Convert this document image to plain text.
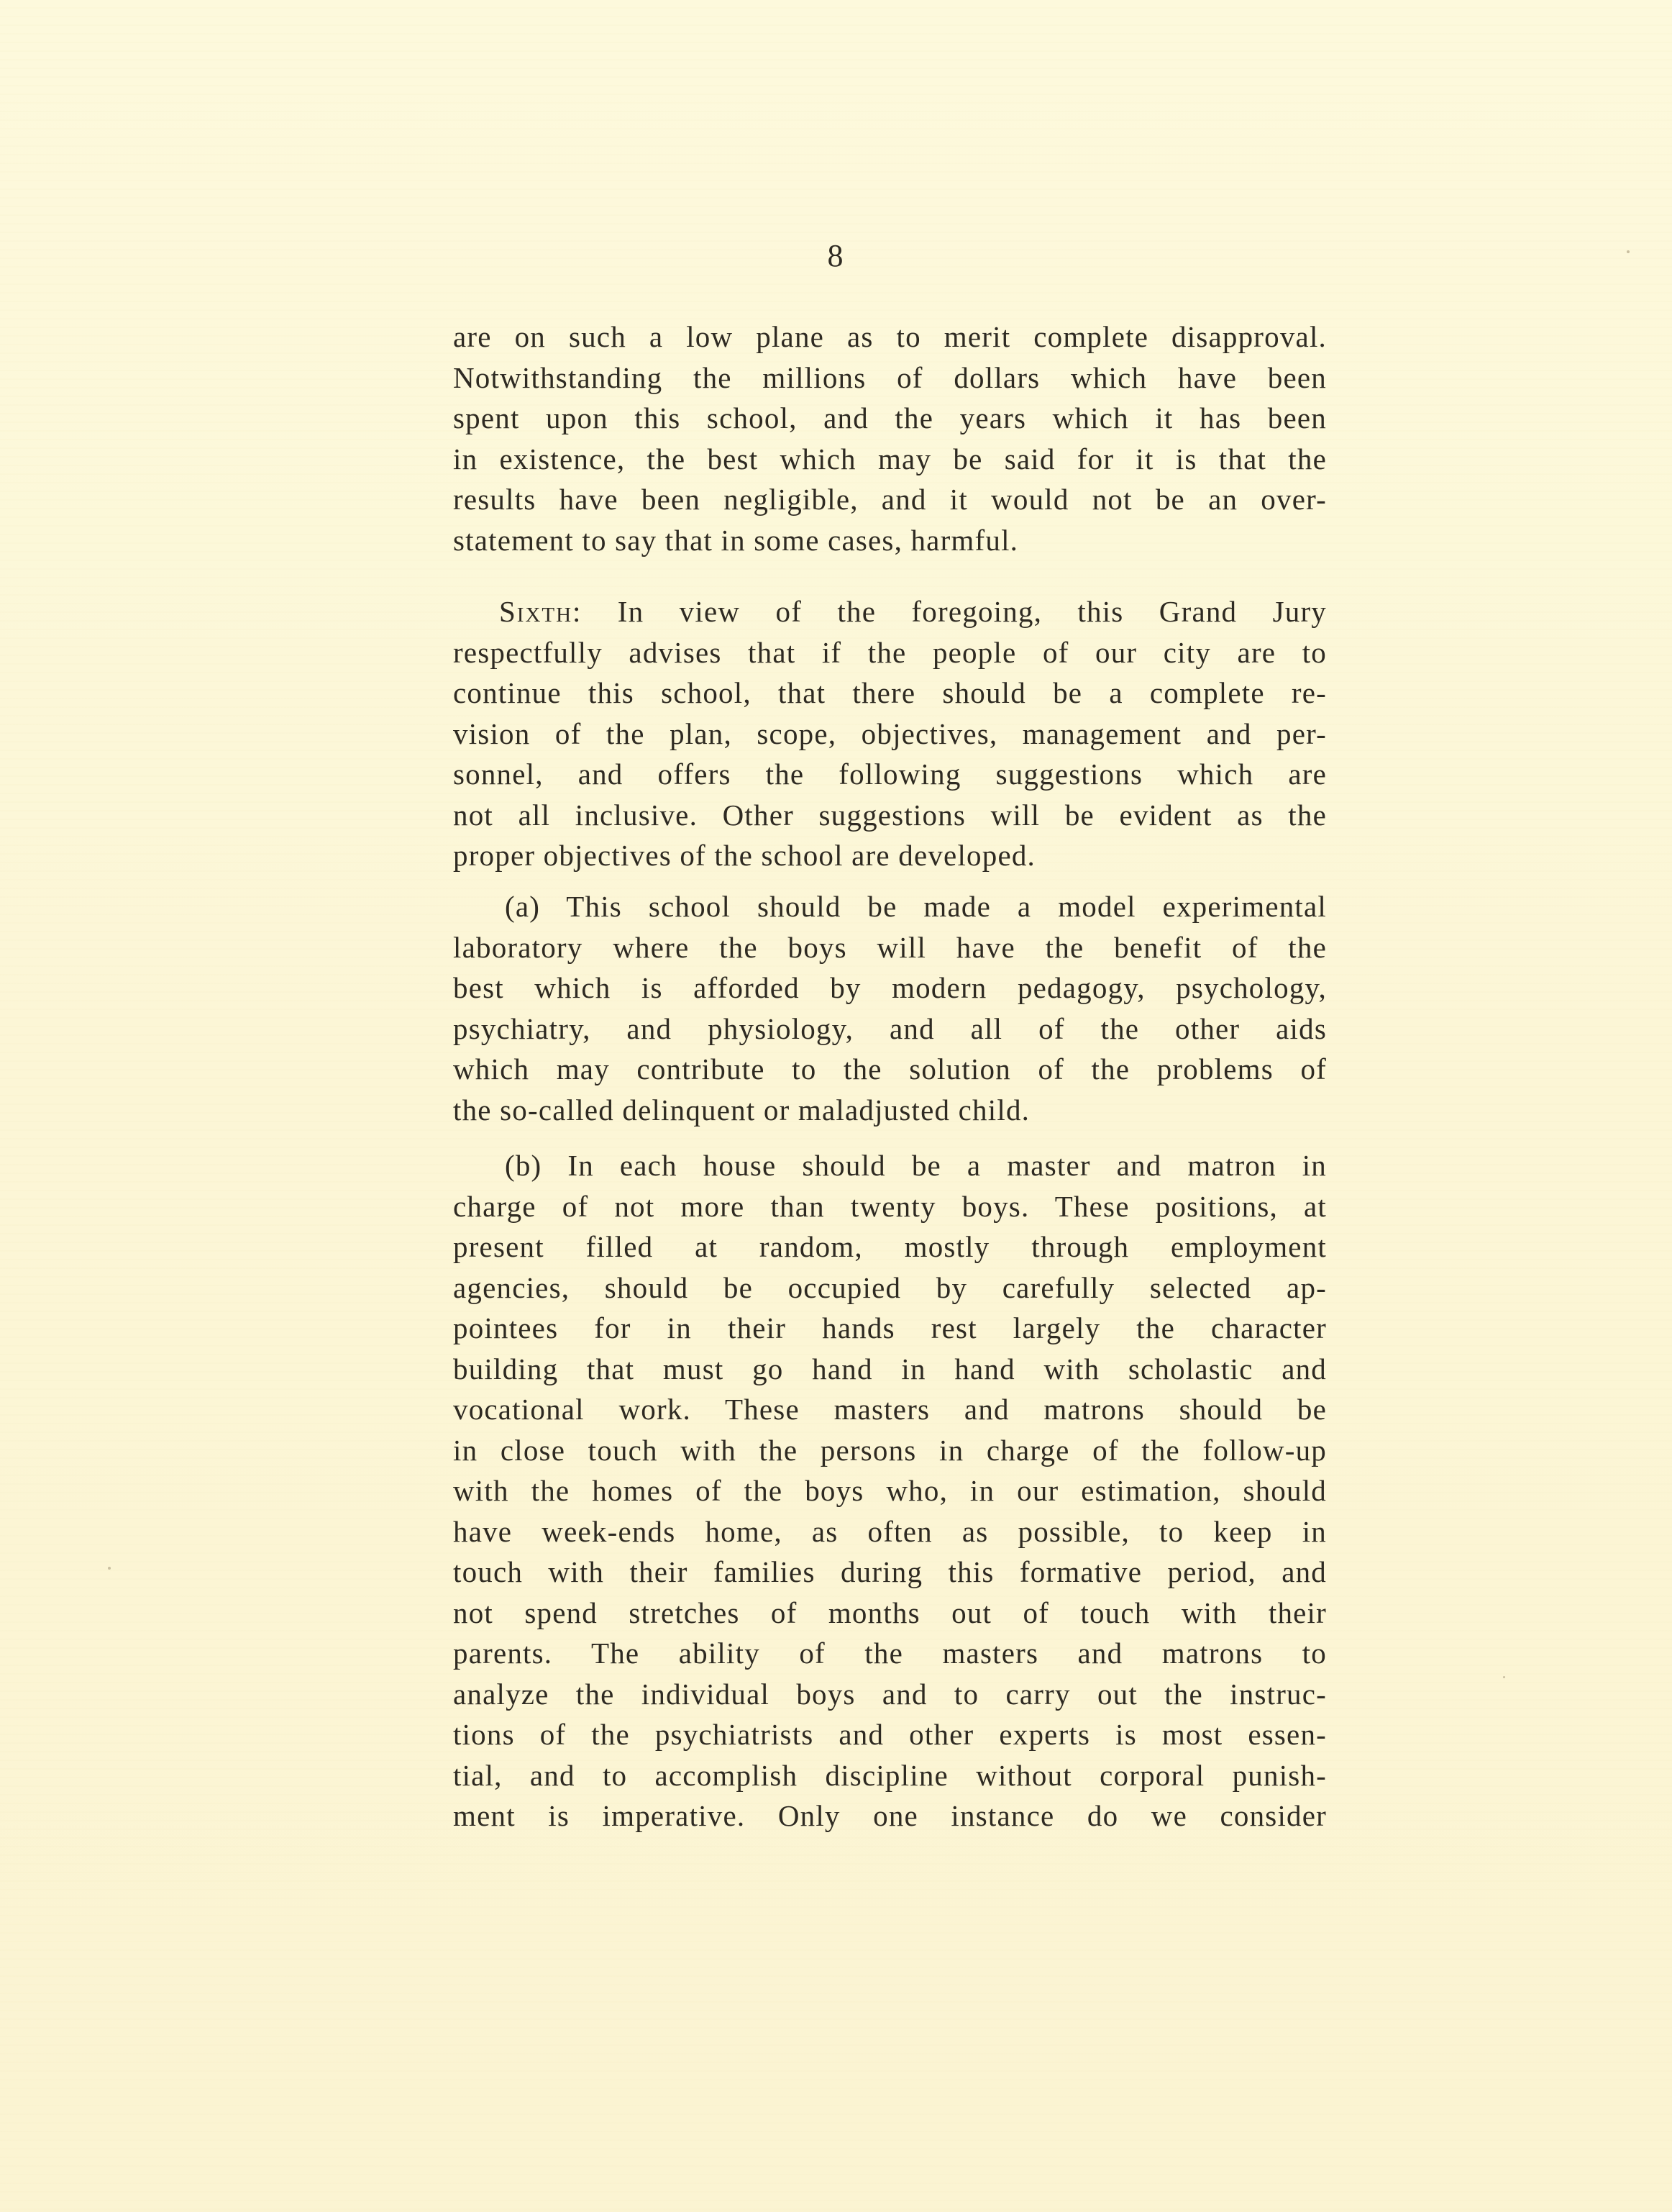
8
are on such a low plane as to merit complete disapproval.
Notwithstanding the millions of dollars which have been
spent upon this school, and the years which it has been
in existence, the best which may be said for it is that the
results have been negligible, and it would not be an over-
statement to say that in some cases, harmful.
Sixth: In view of the foregoing, this Grand Jury
respectfully advises that if the people of our city are to
continue this school, that there should be a complete re-
vision of the plan, scope, objectives, management and per-
sonnel, and offers the following suggestions which are
not all inclusive. Other suggestions will be evident as the
proper objectives of the school are developed.
(a) This school should be made a model experimental
laboratory where the boys will have the benefit of the
best which is afforded by modern pedagogy, psychology,
psychiatry, and physiology, and all of the other aids
which may contribute to the solution of the problems of
the so-called delinquent or maladjusted child.
(b) In each house should be a master and matron in
charge of not more than twenty boys. These positions, at
present filled at random, mostly through employment
agencies, should be occupied by carefully selected ap-
pointees for in their hands rest largely the character
building that must go hand in hand with scholastic and
vocational work. These masters and matrons should be
in close touch with the persons in charge of the follow-up
with the homes of the boys who, in our estimation, should
have week-ends home, as often as possible, to keep in
touch with their families during this formative period, and
not spend stretches of months out of touch with their
parents. The ability of the masters and matrons to
analyze the individual boys and to carry out the instruc-
tions of the psychiatrists and other experts is most essen-
tial, and to accomplish discipline without corporal punish-
ment is imperative. Only one instance do we consider
